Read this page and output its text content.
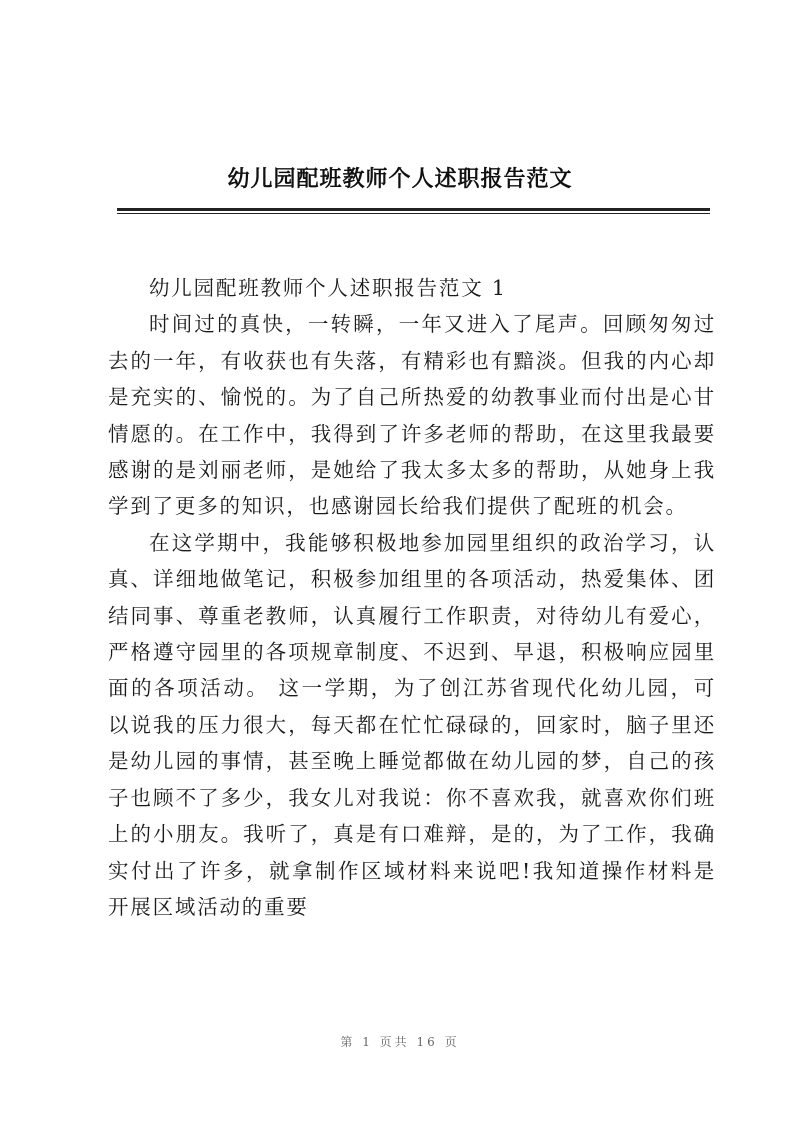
幼儿园配班教师个人述职报告范文

幼儿园配班教师个人述职报告范文 1

时间过的真快，一转瞬，一年又进入了尾声。回顾匆匆过去的一年，有收获也有失落，有精彩也有黯淡。但我的内心却是充实的、愉悦的。为了自己所热爱的幼教事业而付出是心甘情愿的。在工作中，我得到了许多老师的帮助，在这里我最要感谢的是刘丽老师，是她给了我太多太多的帮助，从她身上我学到了更多的知识，也感谢园长给我们提供了配班的机会。

在这学期中，我能够积极地参加园里组织的政治学习，认真、详细地做笔记，积极参加组里的各项活动，热爱集体、团结同事、尊重老教师，认真履行工作职责，对待幼儿有爱心，严格遵守园里的各项规章制度、不迟到、早退，积极响应园里面的各项活动。 这一学期，为了创江苏省现代化幼儿园，可以说我的压力很大，每天都在忙忙碌碌的，回家时，脑子里还是幼儿园的事情，甚至晚上睡觉都做在幼儿园的梦，自己的孩子也顾不了多少，我女儿对我说：你不喜欢我，就喜欢你们班上的小朋友。我听了，真是有口难辩，是的，为了工作，我确实付出了许多，就拿制作区域材料来说吧!我知道操作材料是开展区域活动的重要

第 1 页共 16 页
